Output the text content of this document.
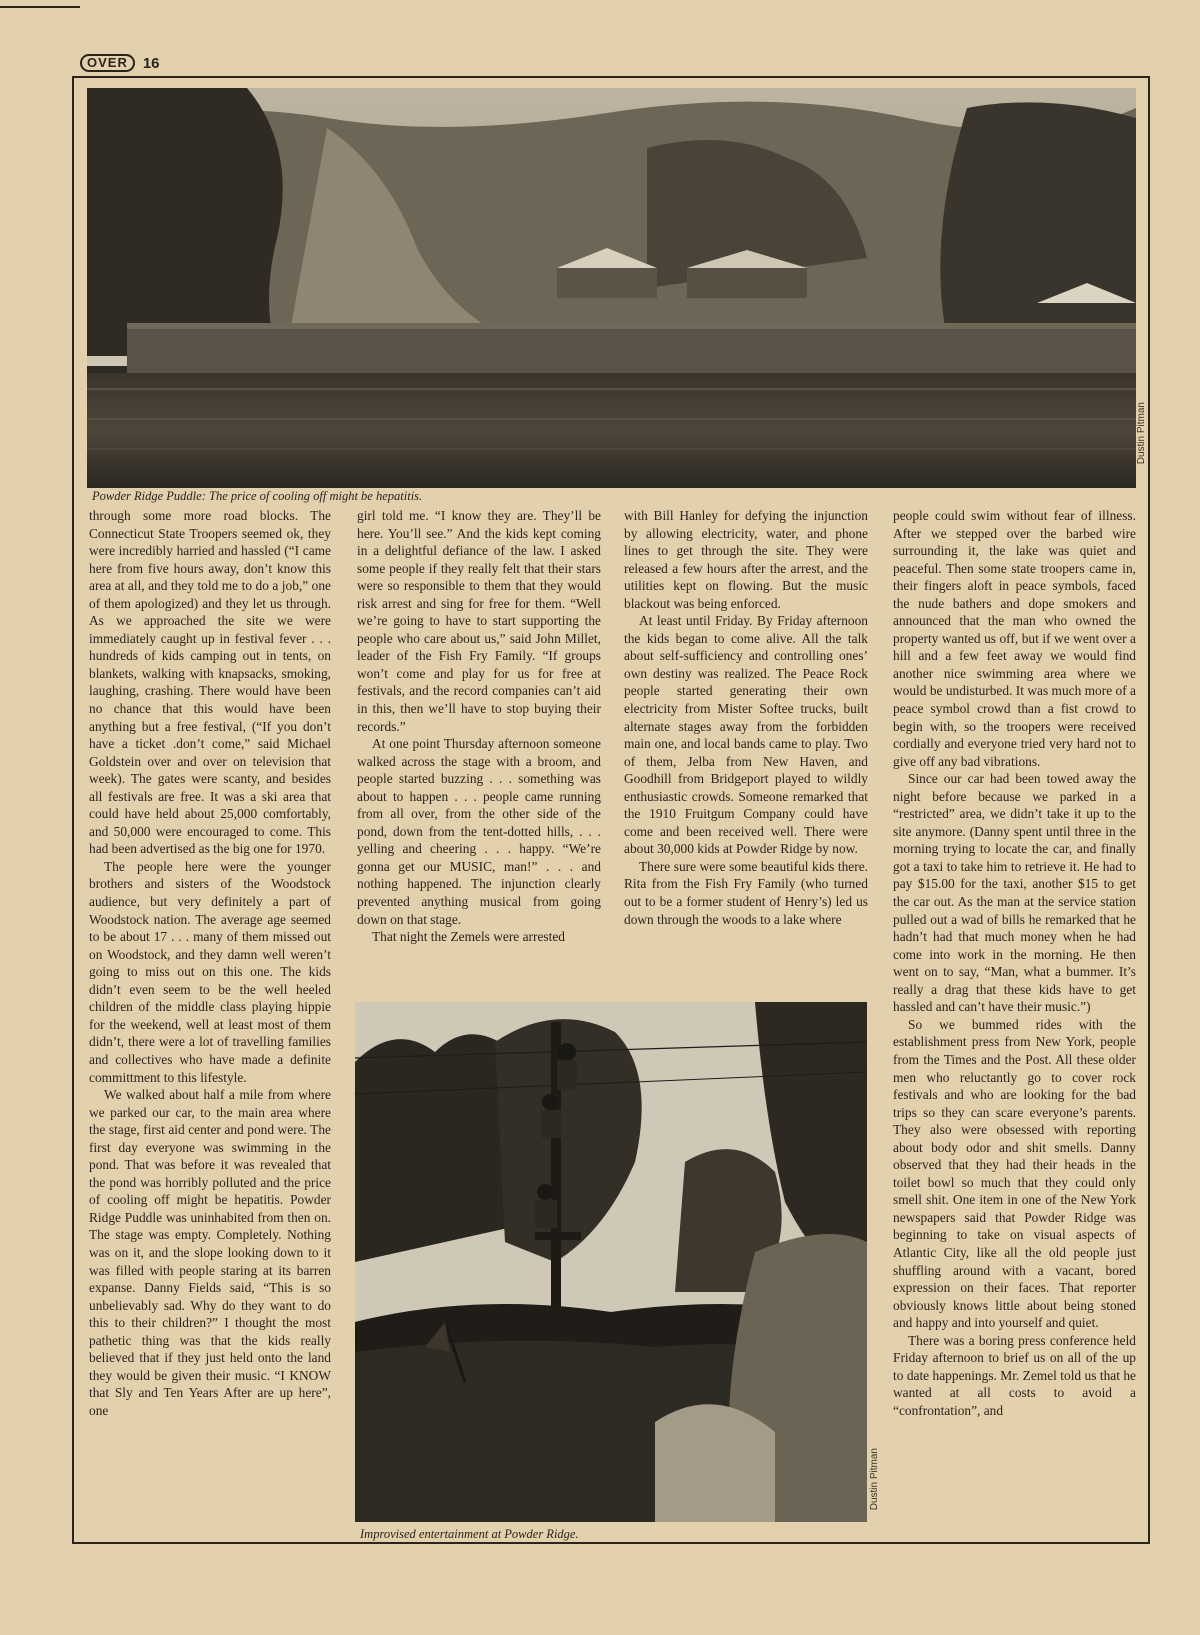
OVER	16
Dustin Pitman
Powder Ridge Puddle: The price of cooling off might be hepatitis.
Dustin Pitman
Improvised entertainment at Powder Ridge.

through some more road blocks. The Connecticut State Troopers seemed ok, they were incredibly harried and hassled (“I came here from five hours away, don’t know this area at all, and they told me to do a job,” one of them apologized) and they let us through. As we approached the site we were immediately caught up in festival fever . . . hundreds of kids camping out in tents, on blankets, walking with knapsacks, smoking, laughing, crashing. There would have been no chance that this would have been anything but a free festival, (“If you don’t have a ticket .don’t come,” said Michael Goldstein over and over on television that week). The gates were scanty, and besides all festivals are free. It was a ski area that could have held about 25,000 comfortably, and 50,000 were encouraged to come. This had been advertised as the big one for 1970.

The people here were the younger brothers and sisters of the Woodstock audience, but very definitely a part of Woodstock nation. The average age seemed to be about 17 . . . many of them missed out on Woodstock, and they damn well weren’t going to miss out on this one. The kids didn’t even seem to be the well heeled children of the middle class playing hippie for the weekend, well at least most of them didn’t, there were a lot of travelling families and collectives who have made a definite committment to this lifestyle.

We walked about half a mile from where we parked our car, to the main area where the stage, first aid center and pond were. The first day everyone was swimming in the pond. That was before it was revealed that the pond was horribly polluted and the price of cooling off might be hepatitis. Powder Ridge Puddle was uninhabited from then on. The stage was empty. Completely. Nothing was on it, and the slope looking down to it was filled with people staring at its barren expanse. Danny Fields said, “This is so unbelievably sad. Why do they want to do this to their children?” I thought the most pathetic thing was that the kids really believed that if they just held onto the land they would be given their music. “I KNOW that Sly and Ten Years After are up here”, one

girl told me. “I know they are. They’ll be here. You’ll see.” And the kids kept coming in a delightful defiance of the law. I asked some people if they really felt that their stars were so responsible to them that they would risk arrest and sing for free for them. “Well we’re going to have to start supporting the people who care about us,” said John Millet, leader of the Fish Fry Family. “If groups won’t come and play for us for free at festivals, and the record companies can’t aid in this, then we’ll have to stop buying their records.”

At one point Thursday afternoon someone walked across the stage with a broom, and people started buzzing . . . something was about to happen . . . people came running from all over, from the other side of the pond, down from the tent-dotted hills, . . . yelling and cheering . . . happy. “We’re gonna get our MUSIC, man!” . . . and nothing happened. The injunction clearly prevented anything musical from going down on that stage.

That night the Zemels were arrested

with Bill Hanley for defying the injunction by allowing electricity, water, and phone lines to get through the site. They were released a few hours after the arrest, and the utilities kept on flowing. But the music blackout was being enforced.

At least until Friday. By Friday afternoon the kids began to come alive. All the talk about self-sufficiency and controlling ones’ own destiny was realized. The Peace Rock people started generating their own electricity from Mister Softee trucks, built alternate stages away from the forbidden main one, and local bands came to play. Two of them, Jelba from New Haven, and Goodhill from Bridgeport played to wildly enthusiastic crowds. Someone remarked that the 1910 Fruitgum Company could have come and been received well. There were about 30,000 kids at Powder Ridge by now.

There sure were some beautiful kids there. Rita from the Fish Fry Family (who turned out to be a former student of Henry’s) led us down through the woods to a lake where

people could swim without fear of illness. After we stepped over the barbed wire surrounding it, the lake was quiet and peaceful. Then some state troopers came in, their fingers aloft in peace symbols, faced the nude bathers and dope smokers and announced that the man who owned the property wanted us off, but if we went over a hill and a few feet away we would find another nice swimming area where we would be undisturbed. It was much more of a peace symbol crowd than a fist crowd to begin with, so the troopers were received cordially and everyone tried very hard not to give off any bad vibrations.

Since our car had been towed away the night before because we parked in a “restricted” area, we didn’t take it up to the site anymore. (Danny spent until three in the morning trying to locate the car, and finally got a taxi to take him to retrieve it. He had to pay $15.00 for the taxi, another $15 to get the car out. As the man at the service station pulled out a wad of bills he remarked that he hadn’t had that much money when he had come into work in the morning. He then went on to say, “Man, what a bummer. It’s really a drag that these kids have to get hassled and can’t have their music.”)

So we bummed rides with the establishment press from New York, people from the Times and the Post. All these older men who reluctantly go to cover rock festivals and who are looking for the bad trips so they can scare everyone’s parents. They also were obsessed with reporting about body odor and shit smells. Danny observed that they had their heads in the toilet bowl so much that they could only smell shit. One item in one of the New York newspapers said that Powder Ridge was beginning to take on visual aspects of Atlantic City, like all the old people just shuffling around with a vacant, bored expression on their faces. That reporter obviously knows little about being stoned and happy and into yourself and quiet.

There was a boring press conference held Friday afternoon to brief us on all of the up to date happenings. Mr. Zemel told us that he wanted at all costs to avoid a “confrontation”, and
